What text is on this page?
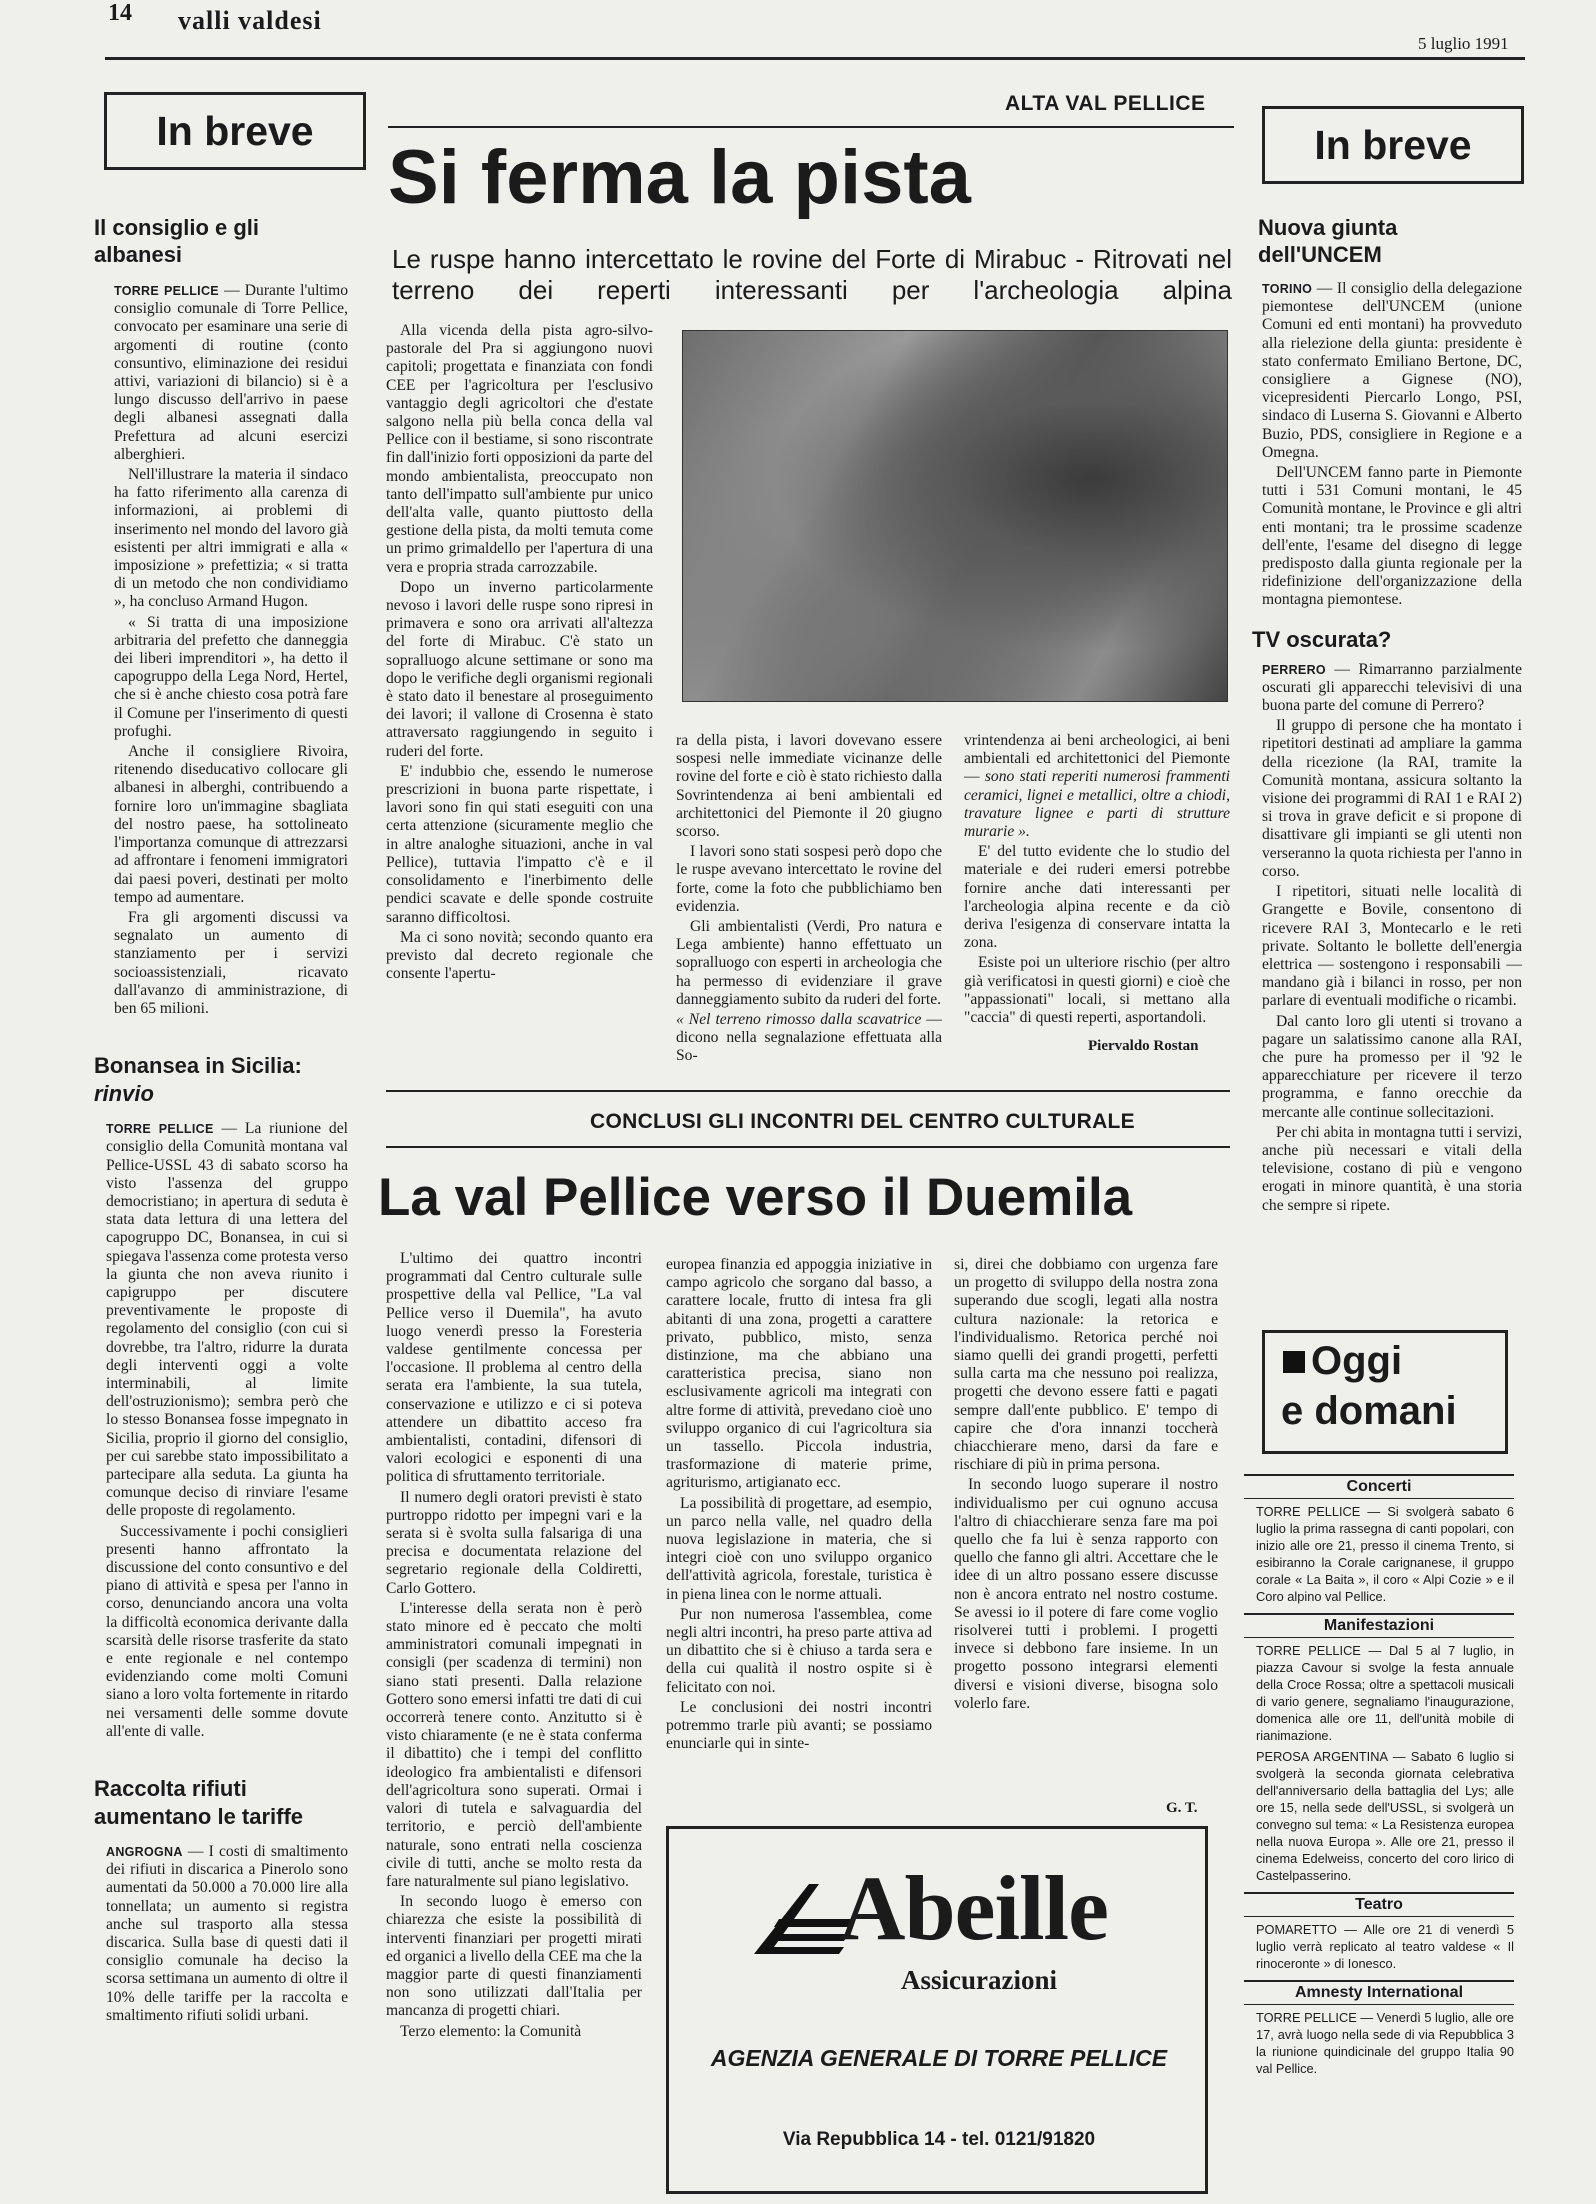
14 valli valdesi
5 luglio 1991
In breve
Il consiglio e gli albanesi

TORRE PELLICE — Durante l'ultimo consiglio comunale di Torre Pellice, convocato per esaminare una serie di argomenti di routine (conto consuntivo, eliminazione dei residui attivi, variazioni di bilancio) si è a lungo discusso dell'arrivo in paese degli albanesi assegnati dalla Prefettura ad alcuni esercizi alberghieri.

Nell'illustrare la materia il sindaco ha fatto riferimento alla carenza di informazioni, ai problemi di inserimento nel mondo del lavoro già esistenti per altri immigrati e alla « imposizione » prefettizia; « si tratta di un metodo che non condividiamo », ha concluso Armand Hugon.

« Si tratta di una imposizione arbitraria del prefetto che danneggia dei liberi imprenditori », ha detto il capogruppo della Lega Nord, Hertel, che si è anche chiesto cosa potrà fare il Comune per l'inserimento di questi profughi.

Anche il consigliere Rivoira, ritenendo diseducativo collocare gli albanesi in alberghi, contribuendo a fornire loro un'immagine sbagliata del nostro paese, ha sottolineato l'importanza comunque di attrezzarsi ad affrontare i fenomeni immigratori dai paesi poveri, destinati per molto tempo ad aumentare.

Fra gli argomenti discussi va segnalato un aumento di stanziamento per i servizi socioassistenziali, ricavato dall'avanzo di amministrazione, di ben 65 milioni.

Bonansea in Sicilia:
rinvio

TORRE PELLICE — La riunione del consiglio della Comunità montana val Pellice-USSL 43 di sabato scorso ha visto l'assenza del gruppo democristiano; in apertura di seduta è stata data lettura di una lettera del capogruppo DC, Bonansea, in cui si spiegava l'assenza come protesta verso la giunta che non aveva riunito i capigruppo per discutere preventivamente le proposte di regolamento del consiglio (con cui si dovrebbe, tra l'altro, ridurre la durata degli interventi oggi a volte interminabili, al limite dell'ostruzionismo); sembra però che lo stesso Bonansea fosse impegnato in Sicilia, proprio il giorno del consiglio, per cui sarebbe stato impossibilitato a partecipare alla seduta. La giunta ha comunque deciso di rinviare l'esame delle proposte di regolamento.

Successivamente i pochi consiglieri presenti hanno affrontato la discussione del conto consuntivo e del piano di attività e spesa per l'anno in corso, denunciando ancora una volta la difficoltà economica derivante dalla scarsità delle risorse trasferite da stato e ente regionale e nel contempo evidenziando come molti Comuni siano a loro volta fortemente in ritardo nei versamenti delle somme dovute all'ente di valle.

Raccolta rifiuti aumentano le tariffe

ANGROGNA — I costi di smaltimento dei rifiuti in discarica a Pinerolo sono aumentati da 50.000 a 70.000 lire alla tonnellata; un aumento si registra anche sul trasporto alla stessa discarica. Sulla base di questi dati il consiglio comunale ha deciso la scorsa settimana un aumento di oltre il 10% delle tariffe per la raccolta e smaltimento rifiuti solidi urbani.

ALTA VAL PELLICE
Si ferma la pista
Le ruspe hanno intercettato le rovine del Forte di Mirabuc - Ritrovati nel terreno dei reperti interessanti per l'archeologia alpina

Alla vicenda della pista agro-silvo-pastorale del Pra si aggiungono nuovi capitoli; progettata e finanziata con fondi CEE per l'agricoltura per l'esclusivo vantaggio degli agricoltori che d'estate salgono nella più bella conca della val Pellice con il bestiame, si sono riscontrate fin dall'inizio forti opposizioni da parte del mondo ambientalista, preoccupato non tanto dell'impatto sull'ambiente pur unico dell'alta valle, quanto piuttosto della gestione della pista, da molti temuta come un primo grimaldello per l'apertura di una vera e propria strada carrozzabile.

Dopo un inverno particolarmente nevoso i lavori delle ruspe sono ripresi in primavera e sono ora arrivati all'altezza del forte di Mirabuc. C'è stato un sopralluogo alcune settimane or sono ma dopo le verifiche degli organismi regionali è stato dato il benestare al proseguimento dei lavori; il vallone di Crosenna è stato attraversato raggiungendo in seguito i ruderi del forte.

E' indubbio che, essendo le numerose prescrizioni in buona parte rispettate, i lavori sono fin qui stati eseguiti con una certa attenzione (sicuramente meglio che in altre analoghe situazioni, anche in val Pellice), tuttavia l'impatto c'è e il consolidamento e l'inerbimento delle pendici scavate e delle sponde costruite saranno difficoltosi.

Ma ci sono novità; secondo quanto era previsto dal decreto regionale che consente l'apertu-

ra della pista, i lavori dovevano essere sospesi nelle immediate vicinanze delle rovine del forte e ciò è stato richiesto dalla Sovrintendenza ai beni ambientali ed architettonici del Piemonte il 20 giugno scorso.

I lavori sono stati sospesi però dopo che le ruspe avevano intercettato le rovine del forte, come la foto che pubblichiamo ben evidenzia.

Gli ambientalisti (Verdi, Pro natura e Lega ambiente) hanno effettuato un sopralluogo con esperti in archeologia che ha permesso di evidenziare il grave danneggiamento subito da ruderi del forte.

« Nel terreno rimosso dalla scavatrice — dicono nella segnalazione effettuata alla So-

vrintendenza ai beni archeologici, ai beni ambientali ed architettonici del Piemonte — sono stati reperiti numerosi frammenti ceramici, lignei e metallici, oltre a chiodi, travature lignee e parti di strutture murarie ».

E' del tutto evidente che lo studio del materiale e dei ruderi emersi potrebbe fornire anche dati interessanti per l'archeologia alpina recente e da ciò deriva l'esigenza di conservare intatta la zona.

Esiste poi un ulteriore rischio (per altro già verificatosi in questi giorni) e cioè che "appassionati" locali, si mettano alla "caccia" di questi reperti, asportandoli.

Piervaldo Rostan
CONCLUSI GLI INCONTRI DEL CENTRO CULTURALE
La val Pellice verso il Duemila

L'ultimo dei quattro incontri programmati dal Centro culturale sulle prospettive della val Pellice, "La val Pellice verso il Duemila", ha avuto luogo venerdì presso la Foresteria valdese gentilmente concessa per l'occasione. Il problema al centro della serata era l'ambiente, la sua tutela, conservazione e utilizzo e ci si poteva attendere un dibattito acceso fra ambientalisti, contadini, difensori di valori ecologici e esponenti di una politica di sfruttamento territoriale.

Il numero degli oratori previsti è stato purtroppo ridotto per impegni vari e la serata si è svolta sulla falsariga di una precisa e documentata relazione del segretario regionale della Coldiretti, Carlo Gottero.

L'interesse della serata non è però stato minore ed è peccato che molti amministratori comunali impegnati in consigli (per scadenza di termini) non siano stati presenti. Dalla relazione Gottero sono emersi infatti tre dati di cui occorrerà tenere conto. Anzitutto si è visto chiaramente (e ne è stata conferma il dibattito) che i tempi del conflitto ideologico fra ambientalisti e difensori dell'agricoltura sono superati. Ormai i valori di tutela e salvaguardia del territorio, e perciò dell'ambiente naturale, sono entrati nella coscienza civile di tutti, anche se molto resta da fare naturalmente sul piano legislativo.

In secondo luogo è emerso con chiarezza che esiste la possibilità di interventi finanziari per progetti mirati ed organici a livello della CEE ma che la maggior parte di questi finanziamenti non sono utilizzati dall'Italia per mancanza di progetti chiari.

Terzo elemento: la Comunità

europea finanzia ed appoggia iniziative in campo agricolo che sorgano dal basso, a carattere locale, frutto di intesa fra gli abitanti di una zona, progetti a carattere privato, pubblico, misto, senza distinzione, ma che abbiano una caratteristica precisa, siano non esclusivamente agricoli ma integrati con altre forme di attività, prevedano cioè uno sviluppo organico di cui l'agricoltura sia un tassello. Piccola industria, trasformazione di materie prime, agriturismo, artigianato ecc.

La possibilità di progettare, ad esempio, un parco nella valle, nel quadro della nuova legislazione in materia, che si integri cioè con uno sviluppo organico dell'attività agricola, forestale, turistica è in piena linea con le norme attuali.

Pur non numerosa l'assemblea, come negli altri incontri, ha preso parte attiva ad un dibattito che si è chiuso a tarda sera e della cui qualità il nostro ospite si è felicitato con noi.

Le conclusioni dei nostri incontri potremmo trarle più avanti; se possiamo enunciarle qui in sinte-

si, direi che dobbiamo con urgenza fare un progetto di sviluppo della nostra zona superando due scogli, legati alla nostra cultura nazionale: la retorica e l'individualismo. Retorica perché noi siamo quelli dei grandi progetti, perfetti sulla carta ma che nessuno poi realizza, progetti che devono essere fatti e pagati sempre dall'ente pubblico. E' tempo di capire che d'ora innanzi toccherà chiacchierare meno, darsi da fare e rischiare di più in prima persona.

In secondo luogo superare il nostro individualismo per cui ognuno accusa l'altro di chiacchierare senza fare ma poi quello che fa lui è senza rapporto con quello che fanno gli altri. Accettare che le idee di un altro possano essere discusse non è ancora entrato nel nostro costume. Se avessi io il potere di fare come voglio risolverei tutti i problemi. I progetti invece si debbono fare insieme. In un progetto possono integrarsi elementi diversi e visioni diverse, bisogna solo volerlo fare.

G. T.
Abeille
Assicurazioni
AGENZIA GENERALE DI TORRE PELLICE
Via Repubblica 14 - tel. 0121/91820
In breve
Nuova giunta dell'UNCEM

TORINO — Il consiglio della delegazione piemontese dell'UNCEM (unione Comuni ed enti montani) ha provveduto alla rielezione della giunta: presidente è stato confermato Emiliano Bertone, DC, consigliere a Gignese (NO), vicepresidenti Piercarlo Longo, PSI, sindaco di Luserna S. Giovanni e Alberto Buzio, PDS, consigliere in Regione e a Omegna.

Dell'UNCEM fanno parte in Piemonte tutti i 531 Comuni montani, le 45 Comunità montane, le Province e gli altri enti montani; tra le prossime scadenze dell'ente, l'esame del disegno di legge predisposto dalla giunta regionale per la ridefinizione dell'organizzazione della montagna piemontese.

TV oscurata?

PERRERO — Rimarranno parzialmente oscurati gli apparecchi televisivi di una buona parte del comune di Perrero?

Il gruppo di persone che ha montato i ripetitori destinati ad ampliare la gamma della ricezione (la RAI, tramite la Comunità montana, assicura soltanto la visione dei programmi di RAI 1 e RAI 2) si trova in grave deficit e si propone di disattivare gli impianti se gli utenti non verseranno la quota richiesta per l'anno in corso.

I ripetitori, situati nelle località di Grangette e Bovile, consentono di ricevere RAI 3, Montecarlo e le reti private. Soltanto le bollette dell'energia elettrica — sostengono i responsabili — mandano già i bilanci in rosso, per non parlare di eventuali modifiche o ricambi.

Dal canto loro gli utenti si trovano a pagare un salatissimo canone alla RAI, che pure ha promesso per il '92 le apparecchiature per ricevere il terzo programma, e fanno orecchie da mercante alle continue sollecitazioni.

Per chi abita in montagna tutti i servizi, anche più necessari e vitali della televisione, costano di più e vengono erogati in minore quantità, è una storia che sempre si ripete.

Oggi
e domani
Concerti
TORRE PELLICE — Si svolgerà sabato 6 luglio la prima rassegna di canti popolari, con inizio alle ore 21, presso il cinema Trento, si esibiranno la Corale carignanese, il gruppo corale « La Baita », il coro « Alpi Cozie » e il Coro alpino val Pellice.
Manifestazioni
TORRE PELLICE — Dal 5 al 7 luglio, in piazza Cavour si svolge la festa annuale della Croce Rossa; oltre a spettacoli musicali di vario genere, segnaliamo l'inaugurazione, domenica alle ore 11, dell'unità mobile di rianimazione.
PEROSA ARGENTINA — Sabato 6 luglio si svolgerà la seconda giornata celebrativa dell'anniversario della battaglia del Lys; alle ore 15, nella sede dell'USSL, si svolgerà un convegno sul tema: « La Resistenza europea nella nuova Europa ». Alle ore 21, presso il cinema Edelweiss, concerto del coro lirico di Castelpasserino.
Teatro
POMARETTO — Alle ore 21 di venerdì 5 luglio verrà replicato al teatro valdese « Il rinoceronte » di Ionesco.
Amnesty International
TORRE PELLICE — Venerdì 5 luglio, alle ore 17, avrà luogo nella sede di via Repubblica 3 la riunione quindicinale del gruppo Italia 90 val Pellice.
